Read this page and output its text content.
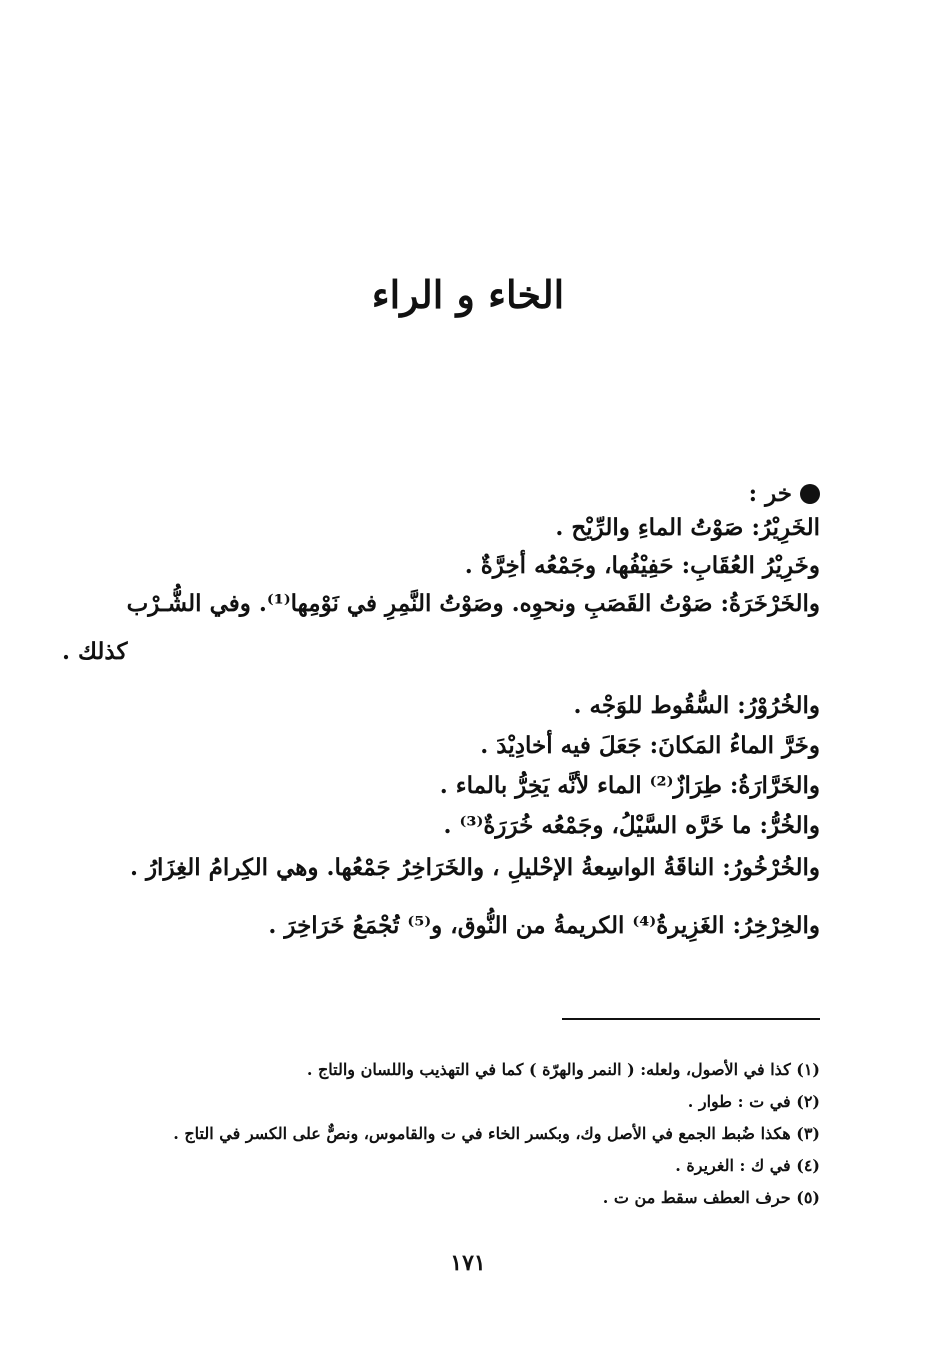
الخاء و الراء
خر :
الخَرِيْرُ: صَوْتُ الماءِ والرِّيْح .
وخَرِيْرُ العُقَابِ: حَفِيْفُها، وجَمْعُه أخِرَّةٌ .
والخَرْخَرَةُ: صَوْتُ القَصَبِ ونحوِه. وصَوْتُ النَّمِرِ في نَوْمِها⁽¹⁾. وفي الشُّـرْب
كذلك .
والخُرُوْرُ: السُّقُوط للوَجْه .
وخَرَّ الماءُ المَكانَ: جَعَلَ فيه أخادِيْدَ .
والخَرَّارَةُ: طِرَازٌ⁽²⁾ الماء لأنَّه يَخِرُّ بالماء .
والخُرُّ: ما خَرَّه السَّيْلُ، وجَمْعُه خُرَرَةٌ⁽³⁾ .
والخُرْخُورُ: الناقَةُ الواسِعةُ الإحْليلِ ، والخَرَاخِرُ جَمْعُها. وهي الكِرامُ الغِزَارُ .
والخِرْخِرُ: الغَزِيرةُ⁽⁴⁾ الكريمةُ من النُّوق، و⁽⁵⁾ تُجْمَعُ خَرَاخِرَ .
(١) كذا في الأصول، ولعله: ( النمر والهرّة ) كما في التهذيب واللسان والتاج .
(٢) في ت : طوار .
(٣) هكذا ضُبط الجمع في الأصل وك، وبكسر الخاء في ت والقاموس، ونصٌّ على الكسر في التاج .
(٤) في ك : الغريرة .
(٥) حرف العطف سقط من ت .
١٧١
